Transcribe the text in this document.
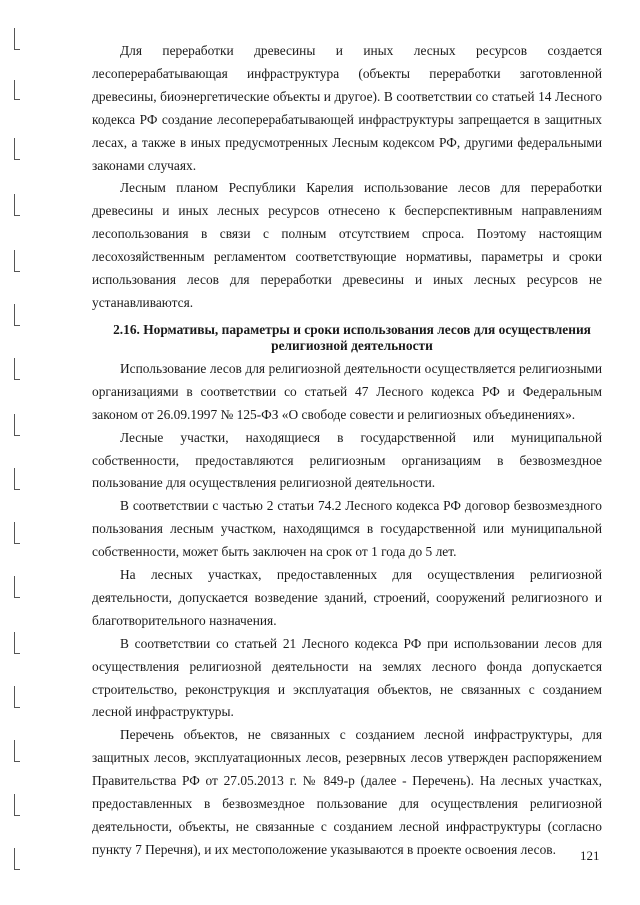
Для переработки древесины и иных лесных ресурсов создается лесоперерабатывающая инфраструктура (объекты переработки заготовленной древесины, биоэнергетические объекты и другое). В соответствии со статьей 14 Лесного кодекса РФ создание лесоперерабатывающей инфраструктуры запрещается в защитных лесах, а также в иных предусмотренных Лесным кодексом РФ, другими федеральными законами случаях.

Лесным планом Республики Карелия использование лесов для переработки древесины и иных лесных ресурсов отнесено к бесперспективным направлениям лесопользования в связи с полным отсутствием спроса. Поэтому настоящим лесохозяйственным регламентом соответствующие нормативы, параметры и сроки использования лесов для переработки древесины и иных лесных ресурсов не устанавливаются.

2.16. Нормативы, параметры и сроки использования лесов для осуществления
религиозной деятельности

Использование лесов для религиозной деятельности осуществляется религиозными организациями в соответствии со статьей 47 Лесного кодекса РФ и Федеральным законом от 26.09.1997 № 125-ФЗ «О свободе совести и религиозных объединениях».

Лесные участки, находящиеся в государственной или муниципальной собственности, предоставляются религиозным организациям в безвозмездное пользование для осуществления религиозной деятельности.

В соответствии с частью 2 статьи 74.2 Лесного кодекса РФ договор безвозмездного пользования лесным участком, находящимся в государственной или муниципальной собственности, может быть заключен на срок от 1 года до 5 лет.

На лесных участках, предоставленных для осуществления религиозной деятельности, допускается возведение зданий, строений, сооружений религиозного и благотворительного назначения.

В соответствии со статьей 21 Лесного кодекса РФ при использовании лесов для осуществления религиозной деятельности на землях лесного фонда допускается строительство, реконструкция и эксплуатация объектов, не связанных с созданием лесной инфраструктуры.

Перечень объектов, не связанных с созданием лесной инфраструктуры, для защитных лесов, эксплуатационных лесов, резервных лесов утвержден распоряжением Правительства РФ от 27.05.2013 г. № 849-р (далее - Перечень). На лесных участках, предоставленных в безвозмездное пользование для осуществления религиозной деятельности, объекты, не связанные с созданием лесной инфраструктуры (согласно пункту 7 Перечня), и их местоположение указываются в проекте освоения лесов.	121
